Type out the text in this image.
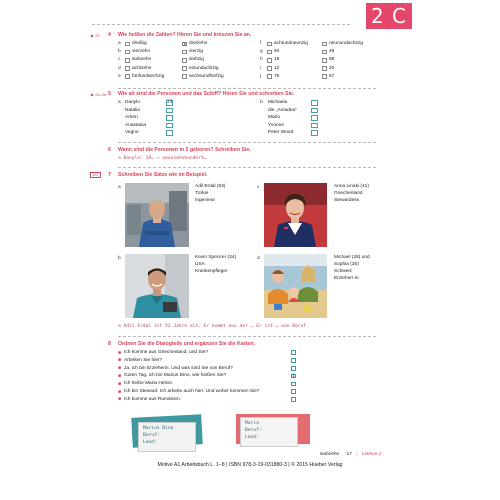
2 C
▶ 22 4 Wie heißen die Zahlen? Hören Sie und kreuzen Sie an.
a dreißig	X dreizehn	f	achtundneunzig	neunundachtzig
b vierzehn	vierzig	g 94	49
c siebzehn	siebzig	h 18	88
d achtzehn	einundachtzig	i	12	20
e fünfundsechzig	sechsundfünfzig	j	75	57
▶ 23–26 5 Wie alt sind die Personen und das Schiff? Hören Sie und schreiben Sie.
a	b
Danylo	23	Michaela
Natalia	die „Amadea"
Artem	Mario
Anastasia	Yvonne
Vegne	Peter Wood
6 Wann sind die Personen in 5 geboren? Schreiben Sie.
a Danylo: 19… → neunzehnhundert…
DG	7 Schreiben Sie Sätze wie im Beispiel.
a	Adil Erdal (53)
Türkei
Ingenieur
c	Anna Linaki (41)
Griechenland
Stewardess
b	Kevin Spencer (34)
USA
Krankenpfleger
d	Michael (28) und
Sophia (25)
Schweiz
Erzieher/-in
a Adil Erdal ist 53 Jahre alt. Er kommt aus der … Er ist … von Beruf.
8 Ordnen Sie die Dialogteile und ergänzen Sie die Karten.
■ Ich komme aus Griechenland, und Sie?
■ Arbeiten Sie hier?
■ Ja, ich bin Erzieherin. Und was sind Sie von Beruf?
■ Guten Tag, ich bin Marius Dino, wie heißen Sie?	1
■ Ich heiße Maria Helios.
■ Ich bin Steward. Ich arbeite auch hier. Und woher kommen Sie?
■ Ich komme aus Rumänien.
Marius Dino
Beruf:
Land:
Maria
Beruf:
Land:
siebzehn 17 | Lektion 2
Motive A1 Arbeitsbuch L. 1–8 | ISBN 978-3-19-031880-3 | © 2015 Hueber Verlag
